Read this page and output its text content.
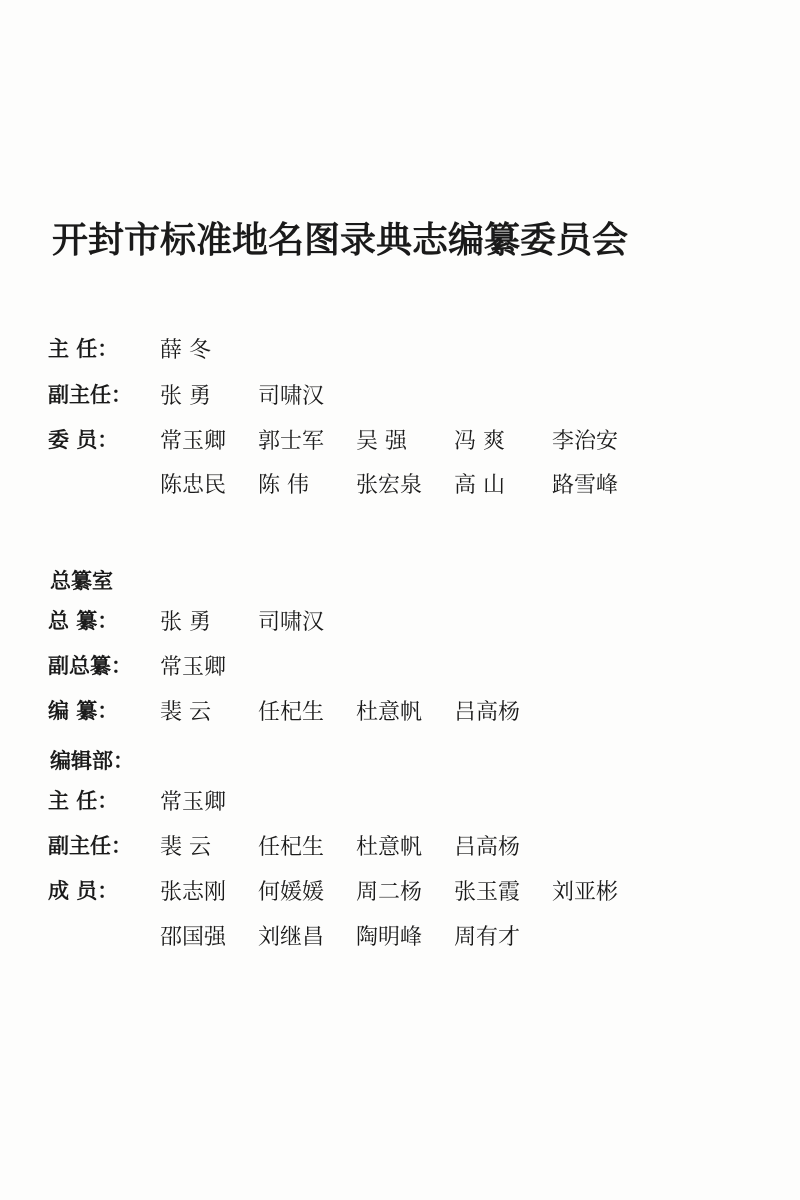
开封市标准地名图录典志编纂委员会
主 任：	薛 冬
副主任：	张 勇	司啸汉
委 员：	常玉卿	郭士军	吴 强	冯 爽	李治安
陈忠民	陈 伟	张宏泉	高 山	路雪峰
总纂室
总 纂：	张 勇	司啸汉
副总纂：	常玉卿
编 纂：	裴 云	任杞生	杜意帆	吕高杨
编辑部：
主 任：	常玉卿
副主任：	裴 云	任杞生	杜意帆	吕高杨
成 员：	张志刚	何媛媛	周二杨	张玉霞	刘亚彬
邵国强	刘继昌	陶明峰	周有才
